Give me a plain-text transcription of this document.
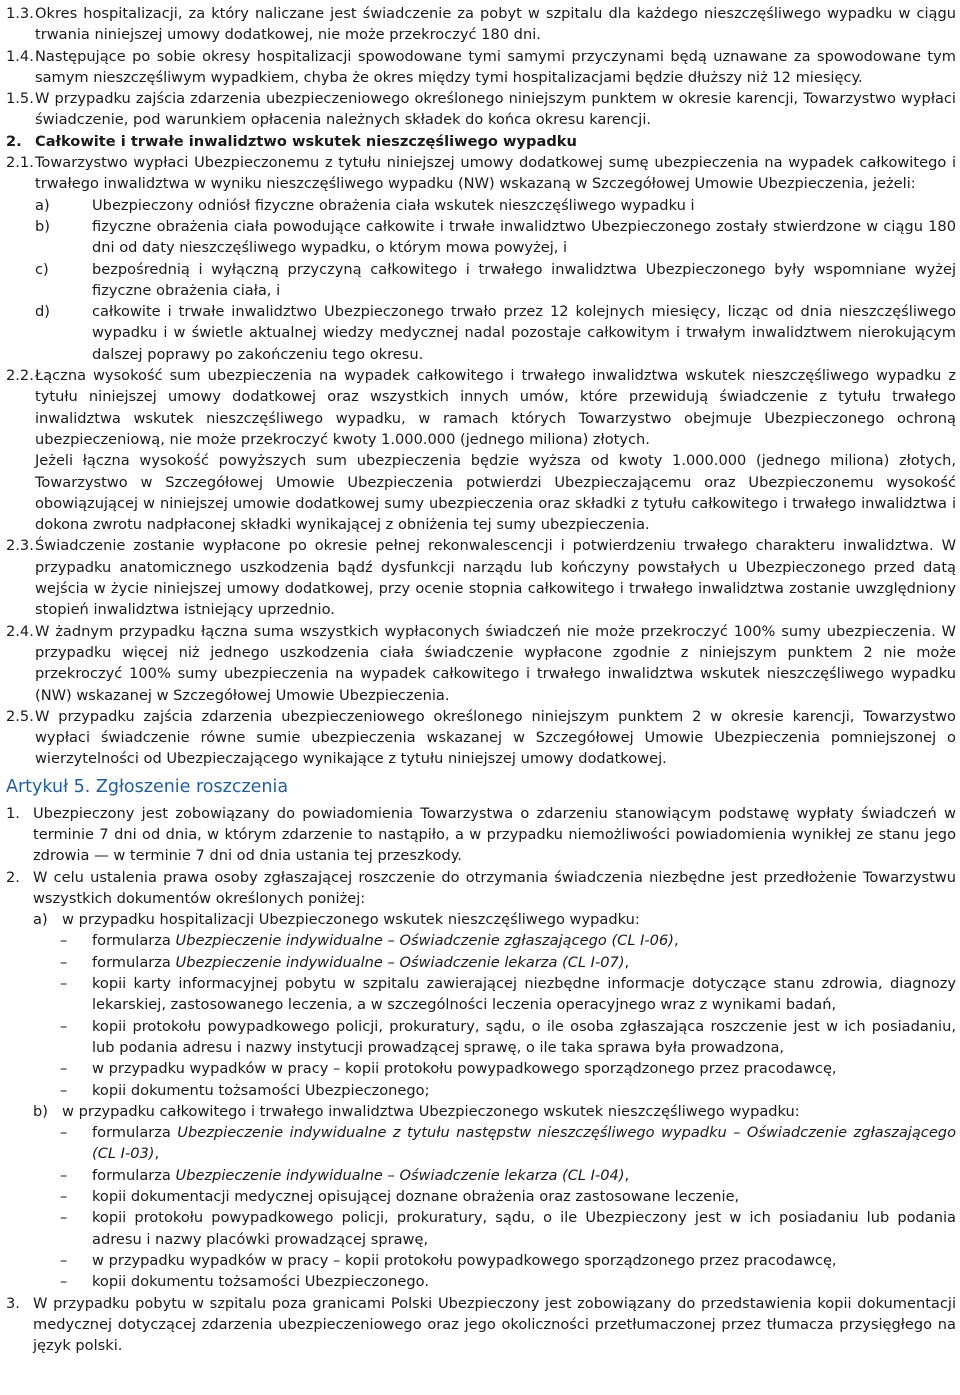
1.3. Okres hospitalizacji, za który naliczane jest świadczenie za pobyt w szpitalu dla każdego nieszczęśliwego wypadku w ciągu trwania niniejszej umowy dodatkowej, nie może przekroczyć 180 dni.
1.4. Następujące po sobie okresy hospitalizacji spowodowane tymi samymi przyczynami będą uznawane za spowodowane tym samym nieszczęśliwym wypadkiem, chyba że okres między tymi hospitalizacjami będzie dłuższy niż 12 miesięcy.
1.5. W przypadku zajścia zdarzenia ubezpieczeniowego określonego niniejszym punktem w okresie karencji, Towarzystwo wypłaci świadczenie, pod warunkiem opłacenia należnych składek do końca okresu karencji.
2. Całkowite i trwałe inwalidztwo wskutek nieszczęśliwego wypadku
2.1. Towarzystwo wypłaci Ubezpieczonemu z tytułu niniejszej umowy dodatkowej sumę ubezpieczenia na wypadek całkowitego i trwałego inwalidztwa w wyniku nieszczęśliwego wypadku (NW) wskazaną w Szczegółowej Umowie Ubezpieczenia, jeżeli:
a)	Ubezpieczony odniósł fizyczne obrażenia ciała wskutek nieszczęśliwego wypadku i
b)	fizyczne obrażenia ciała powodujące całkowite i trwałe inwalidztwo Ubezpieczonego zostały stwierdzone w ciągu 180 dni od daty nieszczęśliwego wypadku, o którym mowa powyżej, i
c)	bezpośrednią i wyłączną przyczyną całkowitego i trwałego inwalidztwa Ubezpieczonego były wspomniane wyżej fizyczne obrażenia ciała, i
d)	całkowite i trwałe inwalidztwo Ubezpieczonego trwało przez 12 kolejnych miesięcy, licząc od dnia nieszczęśliwego wypadku i w świetle aktualnej wiedzy medycznej nadal pozostaje całkowitym i trwałym inwalidztwem nierokującym dalszej poprawy po zakończeniu tego okresu.
2.2. Łączna wysokość sum ubezpieczenia na wypadek całkowitego i trwałego inwalidztwa wskutek nieszczęśliwego wypadku z tytułu niniejszej umowy dodatkowej oraz wszystkich innych umów, które przewidują świadczenie z tytułu trwałego inwalidztwa wskutek nieszczęśliwego wypadku, w ramach których Towarzystwo obejmuje Ubezpieczonego ochroną ubezpieczeniową, nie może przekroczyć kwoty 1.000.000 (jednego miliona) złotych.
Jeżeli łączna wysokość powyższych sum ubezpieczenia będzie wyższa od kwoty 1.000.000 (jednego miliona) złotych, Towarzystwo w Szczegółowej Umowie Ubezpieczenia potwierdzi Ubezpieczającemu oraz Ubezpieczonemu wysokość obowiązującej w niniejszej umowie dodatkowej sumy ubezpieczenia oraz składki z tytułu całkowitego i trwałego inwalidztwa i dokona zwrotu nadpłaconej składki wynikającej z obniżenia tej sumy ubezpieczenia.
2.3. Świadczenie zostanie wypłacone po okresie pełnej rekonwalescencji i potwierdzeniu trwałego charakteru inwalidztwa. W przypadku anatomicznego uszkodzenia bądź dysfunkcji narządu lub kończyny powstałych u Ubezpieczonego przed datą wejścia w życie niniejszej umowy dodatkowej, przy ocenie stopnia całkowitego i trwałego inwalidztwa zostanie uwzględniony stopień inwalidztwa istniejący uprzednio.
2.4. W żadnym przypadku łączna suma wszystkich wypłaconych świadczeń nie może przekroczyć 100% sumy ubezpieczenia. W przypadku więcej niż jednego uszkodzenia ciała świadczenie wypłacone zgodnie z niniejszym punktem 2 nie może przekroczyć 100% sumy ubezpieczenia na wypadek całkowitego i trwałego inwalidztwa wskutek nieszczęśliwego wypadku (NW) wskazanej w Szczegółowej Umowie Ubezpieczenia.
2.5. W przypadku zajścia zdarzenia ubezpieczeniowego określonego niniejszym punktem 2 w okresie karencji, Towarzystwo wypłaci świadczenie równe sumie ubezpieczenia wskazanej w Szczegółowej Umowie Ubezpieczenia pomniejszonej o wierzytelności od Ubezpieczającego wynikające z tytułu niniejszej umowy dodatkowej.
Artykuł 5. Zgłoszenie roszczenia
1. Ubezpieczony jest zobowiązany do powiadomienia Towarzystwa o zdarzeniu stanowiącym podstawę wypłaty świadczeń w terminie 7 dni od dnia, w którym zdarzenie to nastąpiło, a w przypadku niemożliwości powiadomienia wynikłej ze stanu jego zdrowia — w terminie 7 dni od dnia ustania tej przeszkody.
2. W celu ustalenia prawa osoby zgłaszającej roszczenie do otrzymania świadczenia niezbędne jest przedłożenie Towarzystwu wszystkich dokumentów określonych poniżej:
a) w przypadku hospitalizacji Ubezpieczonego wskutek nieszczęśliwego wypadku:
–	formularza Ubezpieczenie indywidualne – Oświadczenie zgłaszającego (CL I-06),
–	formularza Ubezpieczenie indywidualne – Oświadczenie lekarza (CL I-07),
–	kopii karty informacyjnej pobytu w szpitalu zawierającej niezbędne informacje dotyczące stanu zdrowia, diagnozy lekarskiej, zastosowanego leczenia, a w szczególności leczenia operacyjnego wraz z wynikami badań,
–	kopii protokołu powypadkowego policji, prokuratury, sądu, o ile osoba zgłaszająca roszczenie jest w ich posiadaniu, lub podania adresu i nazwy instytucji prowadzącej sprawę, o ile taka sprawa była prowadzona,
–	w przypadku wypadków w pracy – kopii protokołu powypadkowego sporządzonego przez pracodawcę,
–	kopii dokumentu tożsamości Ubezpieczonego;
b) w przypadku całkowitego i trwałego inwalidztwa Ubezpieczonego wskutek nieszczęśliwego wypadku:
–	formularza Ubezpieczenie indywidualne z tytułu następstw nieszczęśliwego wypadku – Oświadczenie zgłaszającego (CL I-03),
–	formularza Ubezpieczenie indywidualne – Oświadczenie lekarza (CL I-04),
–	kopii dokumentacji medycznej opisującej doznane obrażenia oraz zastosowane leczenie,
–	kopii protokołu powypadkowego policji, prokuratury, sądu, o ile Ubezpieczony jest w ich posiadaniu lub podania adresu i nazwy placówki prowadzącej sprawę,
–	w przypadku wypadków w pracy – kopii protokołu powypadkowego sporządzonego przez pracodawcę,
–	kopii dokumentu tożsamości Ubezpieczonego.
3. W przypadku pobytu w szpitalu poza granicami Polski Ubezpieczony jest zobowiązany do przedstawienia kopii dokumentacji medycznej dotyczącej zdarzenia ubezpieczeniowego oraz jego okoliczności przetłumaczonej przez tłumacza przysięgłego na język polski.
